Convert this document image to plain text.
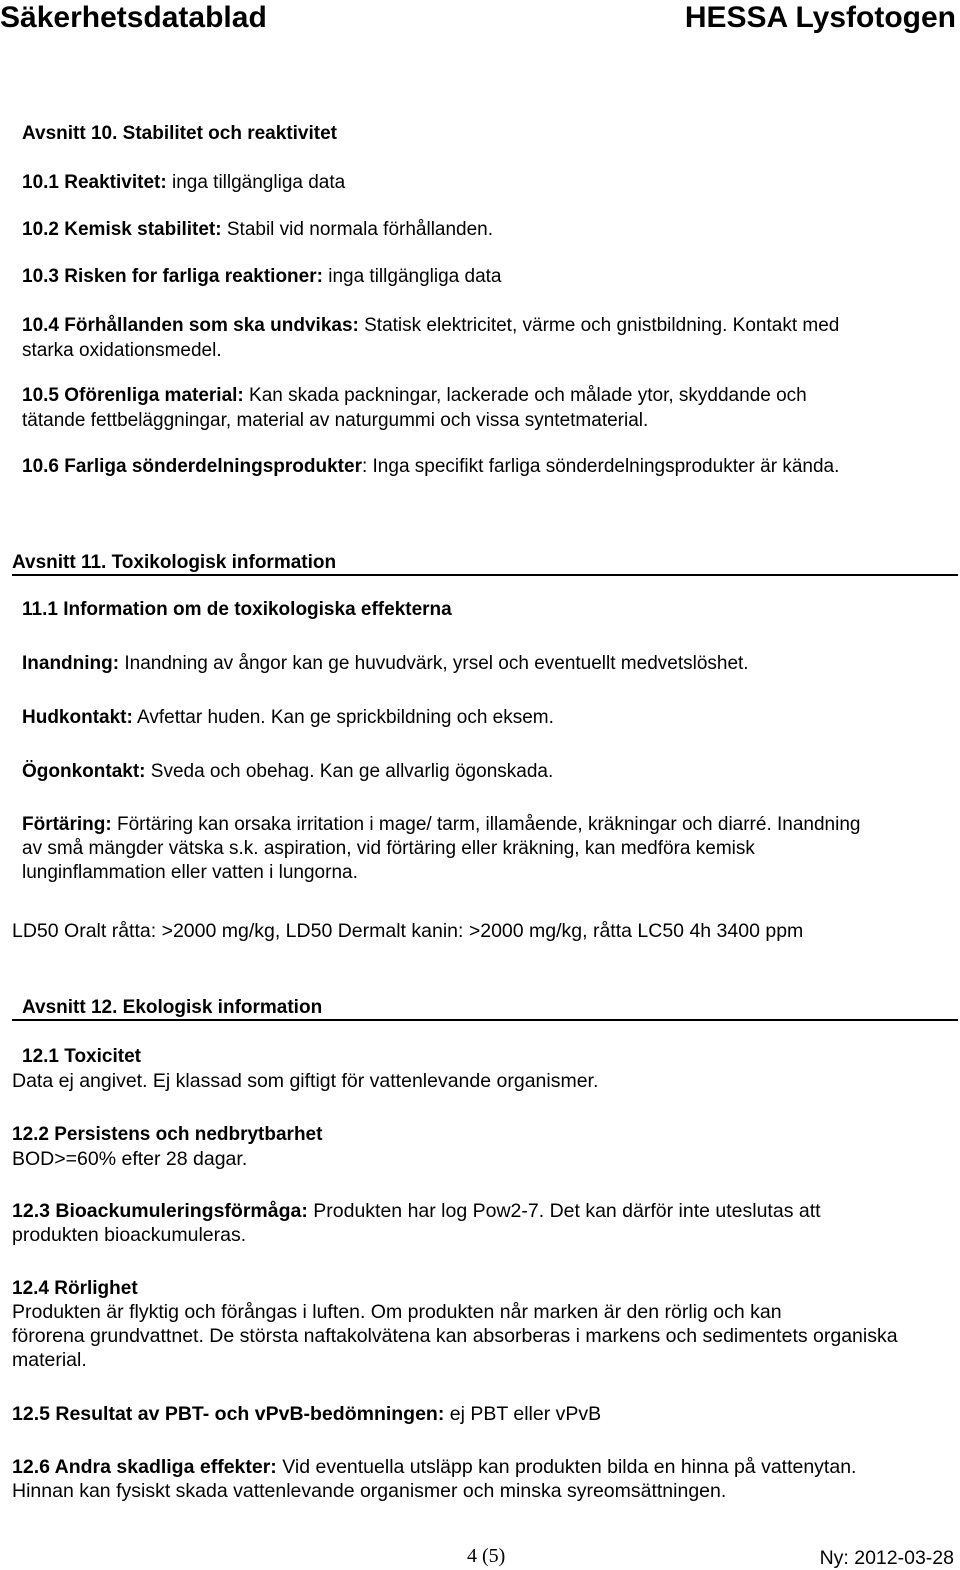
Säkerhetsdatablad	HESSA Lysfotogen
Avsnitt 10. Stabilitet och reaktivitet
10.1 Reaktivitet: inga tillgängliga data
10.2 Kemisk stabilitet: Stabil vid normala förhållanden.
10.3 Risken for farliga reaktioner: inga tillgängliga data
10.4 Förhållanden som ska undvikas: Statisk elektricitet, värme och gnistbildning. Kontakt med
starka oxidationsmedel.
10.5 Oförenliga material: Kan skada packningar, lackerade och målade ytor, skyddande och
tätande fettbeläggningar, material av naturgummi och vissa syntetmaterial.
10.6 Farliga sönderdelningsprodukter: Inga specifikt farliga sönderdelningsprodukter är kända.
Avsnitt 11. Toxikologisk information
11.1 Information om de toxikologiska effekterna
Inandning: Inandning av ångor kan ge huvudvärk, yrsel och eventuellt medvetslöshet.
Hudkontakt: Avfettar huden. Kan ge sprickbildning och eksem.
Ögonkontakt: Sveda och obehag. Kan ge allvarlig ögonskada.
Förtäring: Förtäring kan orsaka irritation i mage/ tarm, illamående, kräkningar och diarré. Inandning
av små mängder vätska s.k. aspiration, vid förtäring eller kräkning, kan medföra kemisk
lunginflammation eller vatten i lungorna.
LD50 Oralt råtta: >2000 mg/kg, LD50 Dermalt kanin: >2000 mg/kg, råtta LC50 4h 3400 ppm
Avsnitt 12. Ekologisk information
12.1 Toxicitet
Data ej angivet. Ej klassad som giftigt för vattenlevande organismer.
12.2 Persistens och nedbrytbarhet
BOD>=60% efter 28 dagar.
12.3 Bioackumuleringsförmåga: Produkten har log Pow2-7. Det kan därför inte uteslutas att
produkten bioackumuleras.
12.4 Rörlighet
Produkten är flyktig och förångas i luften. Om produkten når marken är den rörlig och kan
förorena grundvattnet. De största naftakolvätena kan absorberas i markens och sedimentets organiska
material.
12.5 Resultat av PBT- och vPvB-bedömningen: ej PBT eller vPvB
12.6 Andra skadliga effekter: Vid eventuella utsläpp kan produkten bilda en hinna på vattenytan.
Hinnan kan fysiskt skada vattenlevande organismer och minska syreomsättningen.
4 (5)	Ny: 2012-03-28
